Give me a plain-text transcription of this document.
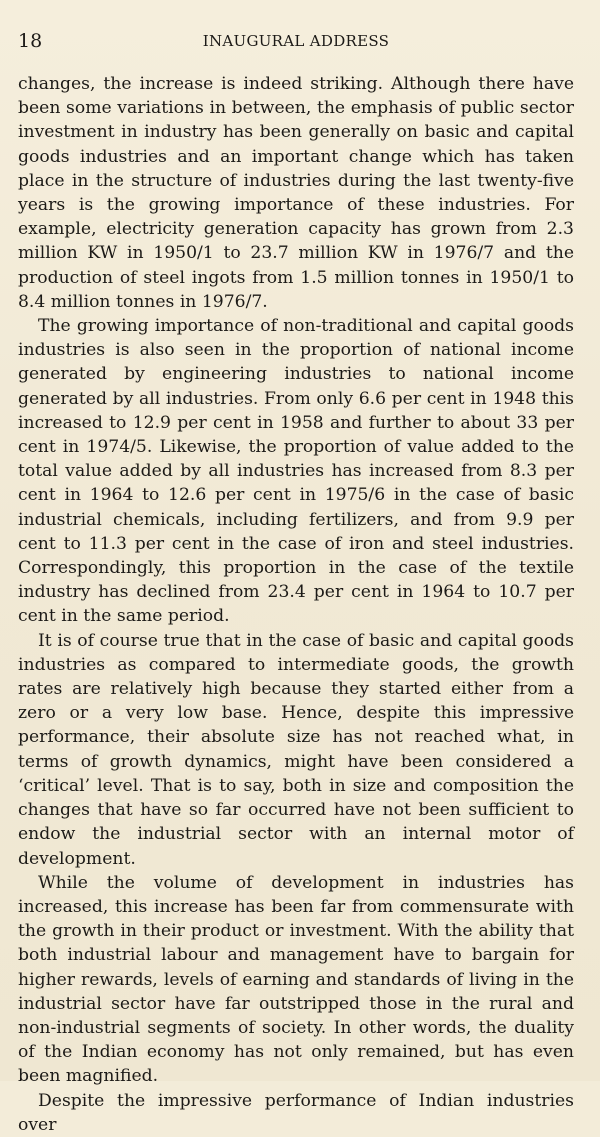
18	INAUGURAL ADDRESS

changes, the increase is indeed striking. Although there have been some variations in between, the emphasis of public sector investment in industry has been generally on basic and capital goods industries and an important change which has taken place in the structure of industries during the last twenty-five years is the growing importance of these industries. For example, electricity generation capacity has grown from 2.3 million KW in 1950/1 to 23.7 million KW in 1976/7 and the production of steel ingots from 1.5 million tonnes in 1950/1 to 8.4 million tonnes in 1976/7.

The growing importance of non-traditional and capital goods industries is also seen in the proportion of national income generated by engineering industries to national income generated by all industries. From only 6.6 per cent in 1948 this increased to 12.9 per cent in 1958 and further to about 33 per cent in 1974/5. Likewise, the proportion of value added to the total value added by all industries has increased from 8.3 per cent in 1964 to 12.6 per cent in 1975/6 in the case of basic industrial chemicals, including fertilizers, and from 9.9 per cent to 11.3 per cent in the case of iron and steel industries. Correspondingly, this proportion in the case of the textile industry has declined from 23.4 per cent in 1964 to 10.7 per cent in the same period.

It is of course true that in the case of basic and capital goods industries as compared to intermediate goods, the growth rates are relatively high because they started either from a zero or a very low base. Hence, despite this impressive performance, their absolute size has not reached what, in terms of growth dynamics, might have been considered a ‘critical’ level. That is to say, both in size and composition the changes that have so far occurred have not been sufficient to endow the industrial sector with an internal motor of development.

While the volume of development in industries has increased, this increase has been far from commensurate with the growth in their product or investment. With the ability that both industrial labour and management have to bargain for higher rewards, levels of earning and standards of living in the industrial sector have far outstripped those in the rural and non-industrial segments of society. In other words, the duality of the Indian economy has not only remained, but has even been magnified.

Despite the impressive performance of Indian industries over
